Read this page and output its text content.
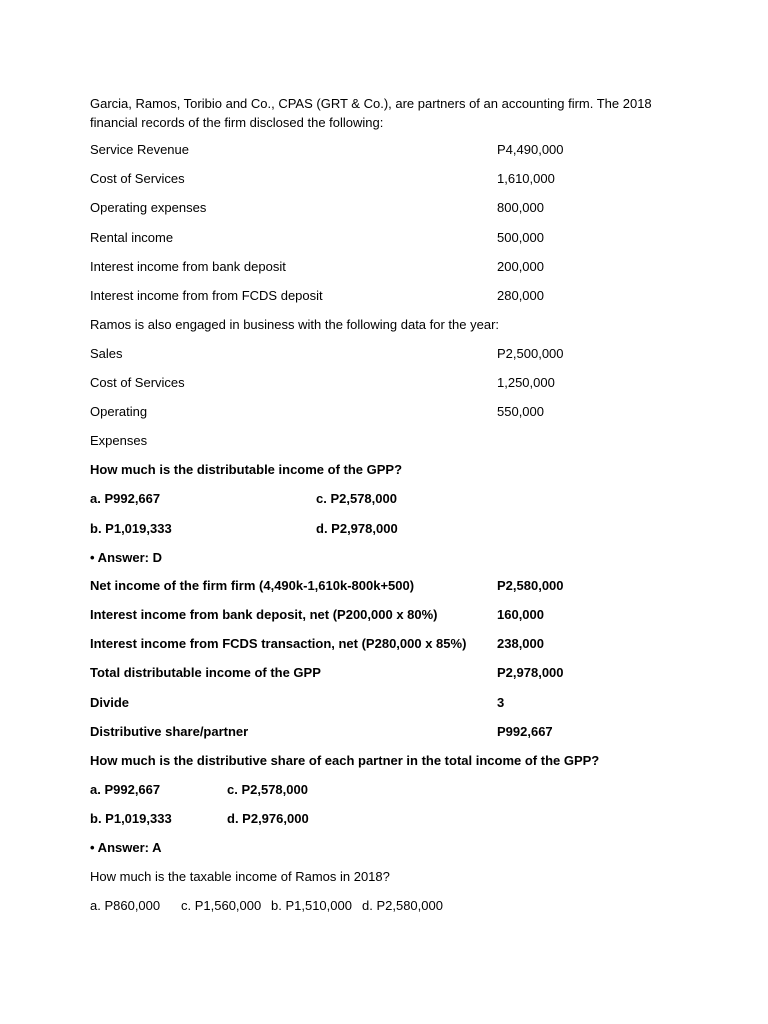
Garcia, Ramos, Toribio and Co., CPAS (GRT & Co.), are partners of an accounting firm. The 2018 financial records of the firm disclosed the following:
Service Revenue	P4,490,000
Cost of Services	1,610,000
Operating expenses	800,000
Rental income	500,000
Interest income from bank deposit	200,000
Interest income from from FCDS deposit	280,000
Ramos is also engaged in business with the following data for the year:
Sales	P2,500,000
Cost of Services	1,250,000
Operating	550,000
Expenses
How much is the distributable income of the GPP?
a. P992,667	c. P2,578,000
b. P1,019,333	d. P2,978,000
• Answer: D
Net income of the firm firm (4,490k-1,610k-800k+500)	P2,580,000
Interest income from bank deposit, net (P200,000 x 80%)	160,000
Interest income from FCDS transaction, net (P280,000 x 85%) 238,000
Total distributable income of the GPP	P2,978,000
Divide	3
Distributive share/partner	P992,667
How much is the distributive share of each partner in the total income of the GPP?
a. P992,667	c. P2,578,000
b. P1,019,333	d. P2,976,000
• Answer: A
How much is the taxable income of Ramos in 2018?
a. P860,000 c. P1,560,000 b. P1,510,000 d. P2,580,000
